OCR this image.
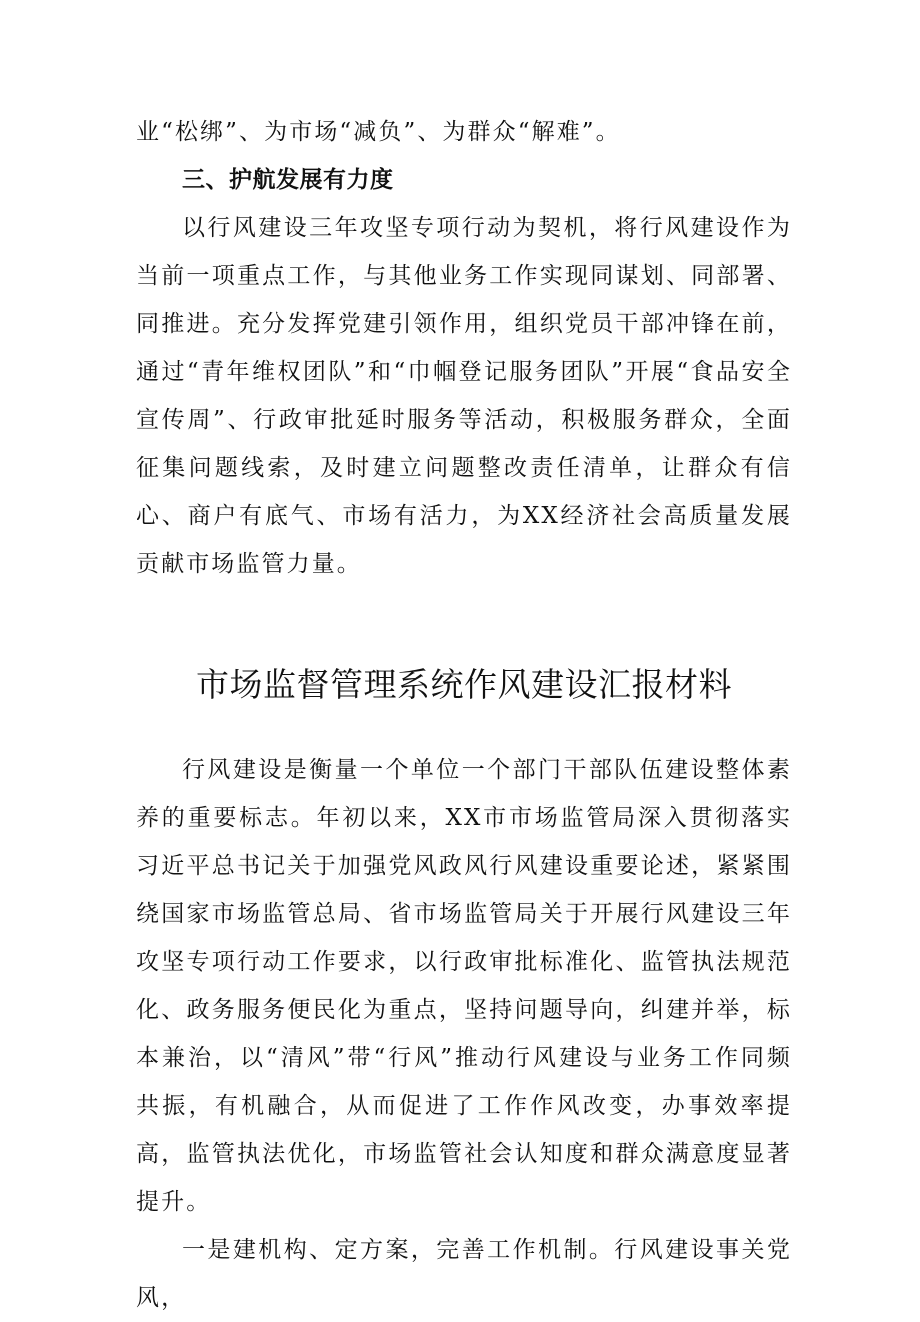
业“松绑”、为市场“减负”、为群众“解难”。

三、护航发展有力度

以行风建设三年攻坚专项行动为契机，将行风建设作为当前一项重点工作，与其他业务工作实现同谋划、同部署、同推进。充分发挥党建引领作用，组织党员干部冲锋在前，通过“青年维权团队”和“巾帼登记服务团队”开展“食品安全宣传周”、行政审批延时服务等活动，积极服务群众，全面征集问题线索，及时建立问题整改责任清单，让群众有信心、商户有底气、市场有活力，为XX经济社会高质量发展贡献市场监管力量。

市场监督管理系统作风建设汇报材料

行风建设是衡量一个单位一个部门干部队伍建设整体素养的重要标志。年初以来，XX市市场监管局深入贯彻落实习近平总书记关于加强党风政风行风建设重要论述，紧紧围绕国家市场监管总局、省市场监管局关于开展行风建设三年攻坚专项行动工作要求，以行政审批标准化、监管执法规范化、政务服务便民化为重点，坚持问题导向，纠建并举，标本兼治，以“清风”带“行风”推动行风建设与业务工作同频共振，有机融合，从而促进了工作作风改变，办事效率提高，监管执法优化，市场监管社会认知度和群众满意度显著提升。

一是建机构、定方案，完善工作机制。行风建设事关党风，
